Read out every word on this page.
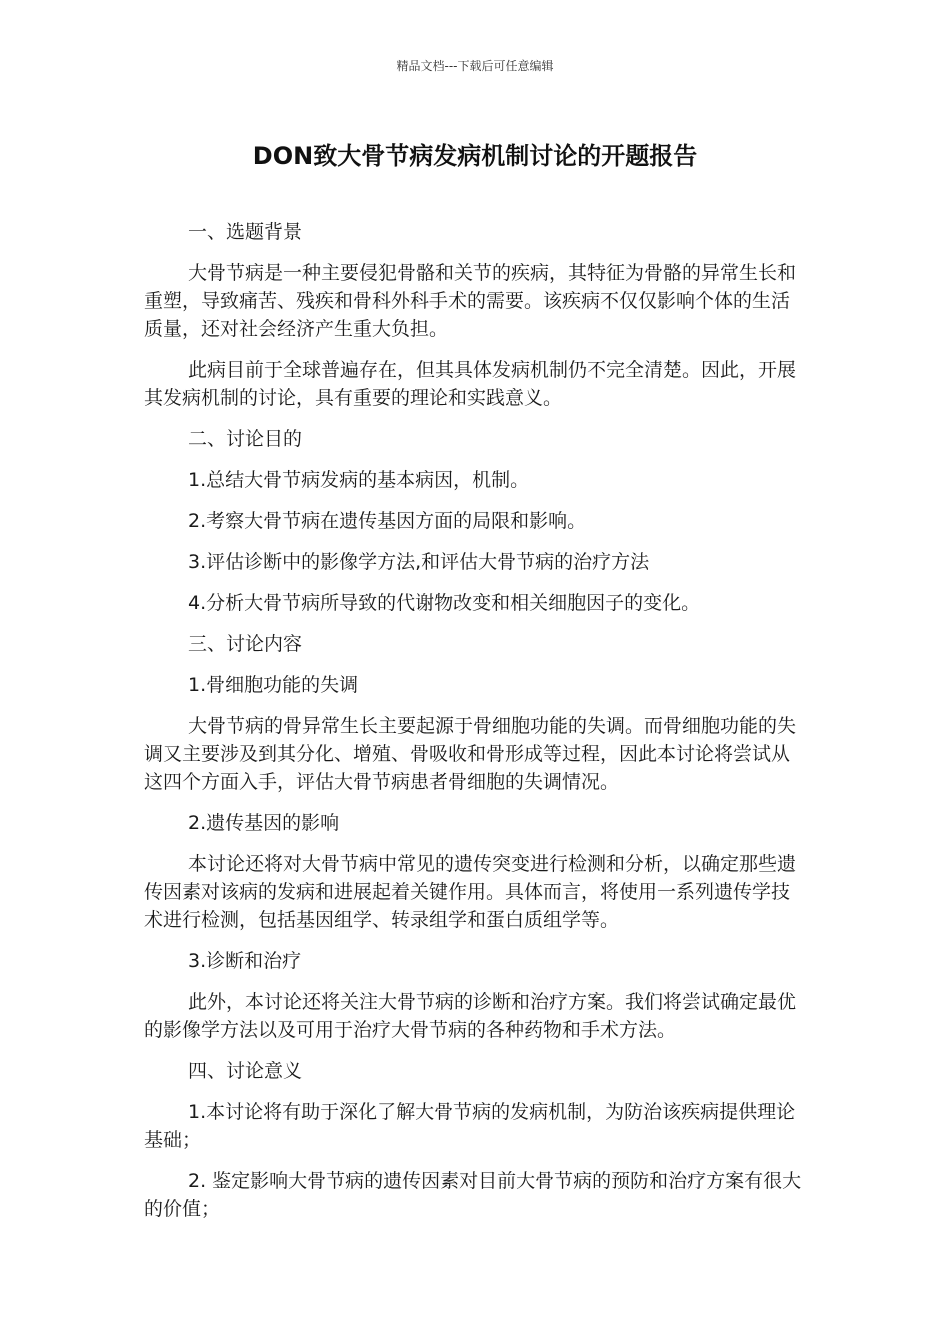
精品文档---下载后可任意编辑
DON致大骨节病发病机制讨论的开题报告

一、选题背景

大骨节病是一种主要侵犯骨骼和关节的疾病，其特征为骨骼的异常生长和重塑，导致痛苦、残疾和骨科外科手术的需要。该疾病不仅仅影响个体的生活质量，还对社会经济产生重大负担。

此病目前于全球普遍存在，但其具体发病机制仍不完全清楚。因此，开展其发病机制的讨论，具有重要的理论和实践意义。

二、讨论目的

1.总结大骨节病发病的基本病因，机制。

2.考察大骨节病在遗传基因方面的局限和影响。

3.评估诊断中的影像学方法,和评估大骨节病的治疗方法

4.分析大骨节病所导致的代谢物改变和相关细胞因子的变化。

三、讨论内容

1.骨细胞功能的失调

大骨节病的骨异常生长主要起源于骨细胞功能的失调。而骨细胞功能的失调又主要涉及到其分化、增殖、骨吸收和骨形成等过程，因此本讨论将尝试从这四个方面入手，评估大骨节病患者骨细胞的失调情况。

2.遗传基因的影响

本讨论还将对大骨节病中常见的遗传突变进行检测和分析，以确定那些遗传因素对该病的发病和进展起着关键作用。具体而言，将使用一系列遗传学技术进行检测，包括基因组学、转录组学和蛋白质组学等。

3.诊断和治疗

此外，本讨论还将关注大骨节病的诊断和治疗方案。我们将尝试确定最优的影像学方法以及可用于治疗大骨节病的各种药物和手术方法。

四、讨论意义

1.本讨论将有助于深化了解大骨节病的发病机制，为防治该疾病提供理论基础；

2. 鉴定影响大骨节病的遗传因素对目前大骨节病的预防和治疗方案有很大的价值；
